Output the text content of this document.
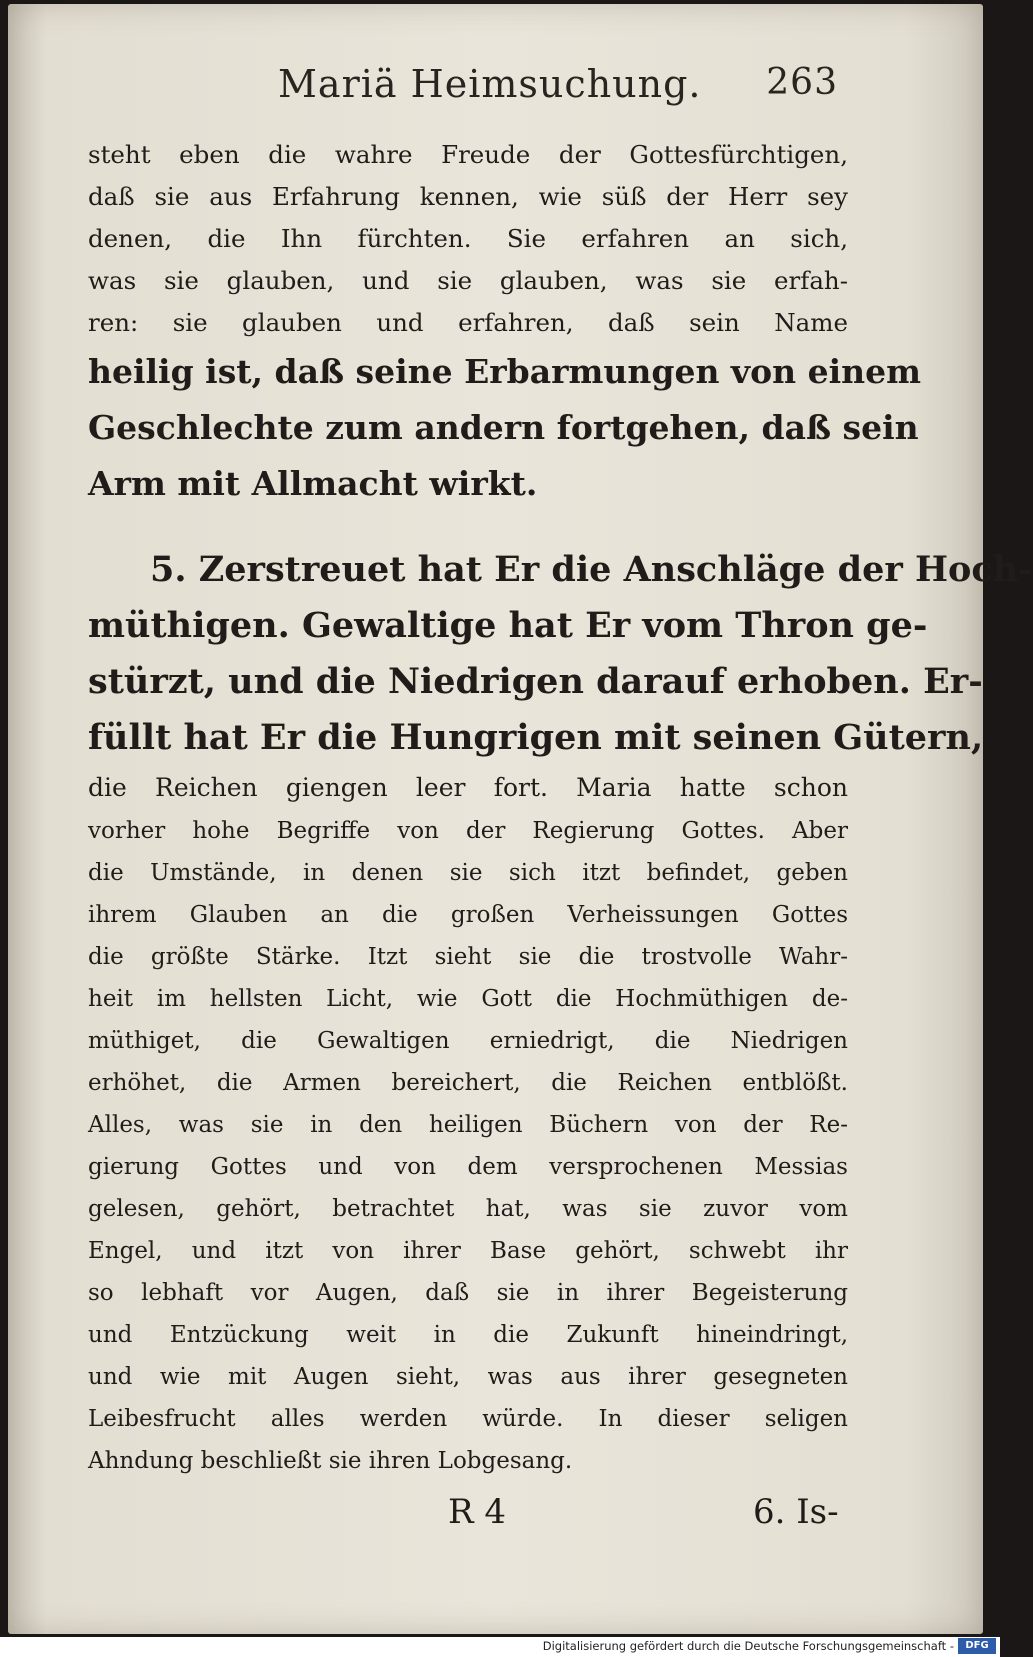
Mariä Heimsuchung. 263
steht eben die wahre Freude der Gottesfürchtigen,
daß sie aus Erfahrung kennen, wie süß der Herr sey
denen, die Ihn fürchten. Sie erfahren an sich,
was sie glauben, und sie glauben, was sie erfah-
ren: sie glauben und erfahren, daß sein Name
heilig ist, daß seine Erbarmungen von einem
Geschlechte zum andern fortgehen, daß sein
Arm mit Allmacht wirkt.
5. Zerstreuet hat Er die Anschläge der Hoch-
müthigen. Gewaltige hat Er vom Thron ge-
stürzt, und die Niedrigen darauf erhoben. Er-
füllt hat Er die Hungrigen mit seinen Gütern,
die Reichen giengen leer fort. Maria hatte schon
vorher hohe Begriffe von der Regierung Gottes. Aber
die Umstände, in denen sie sich itzt befindet, geben
ihrem Glauben an die großen Verheissungen Gottes
die größte Stärke. Itzt sieht sie die trostvolle Wahr-
heit im hellsten Licht, wie Gott die Hochmüthigen de-
müthiget, die Gewaltigen erniedrigt, die Niedrigen
erhöhet, die Armen bereichert, die Reichen entblößt.
Alles, was sie in den heiligen Büchern von der Re-
gierung Gottes und von dem versprochenen Messias
gelesen, gehört, betrachtet hat, was sie zuvor vom
Engel, und itzt von ihrer Base gehört, schwebt ihr
so lebhaft vor Augen, daß sie in ihrer Begeisterung
und Entzückung weit in die Zukunft hineindringt,
und wie mit Augen sieht, was aus ihrer gesegneten
Leibesfrucht alles werden würde. In dieser seligen
Ahndung beschließt sie ihren Lobgesang.
R 4	6. Is-
Digitalisierung gefördert durch die Deutsche Forschungsgemeinschaft -	DFG
